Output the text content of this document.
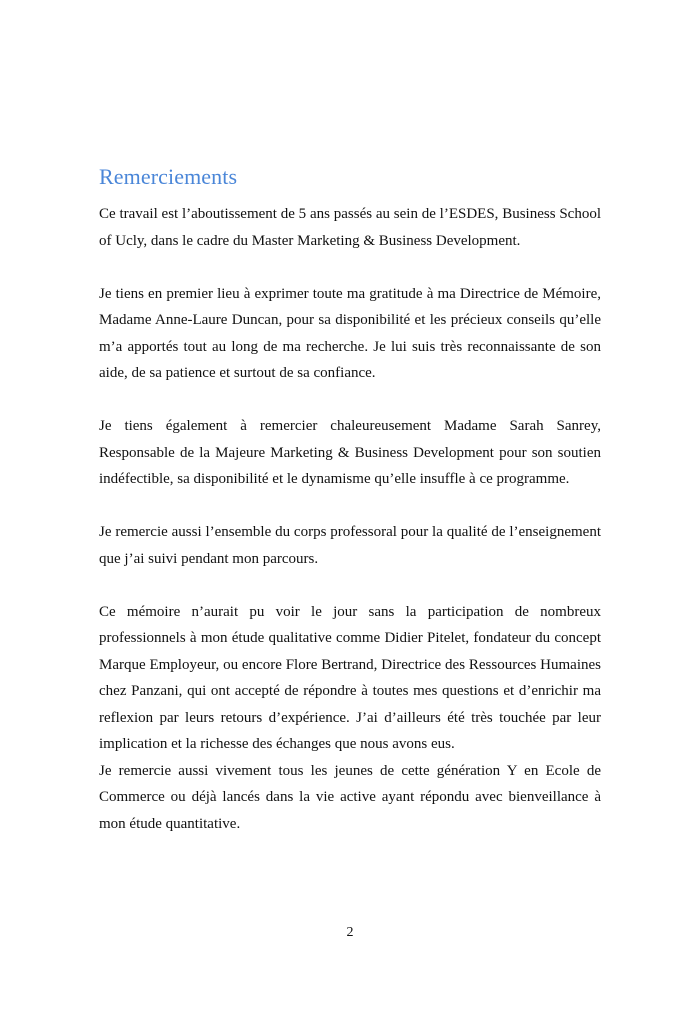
Remerciements

Ce travail est l’aboutissement de 5 ans passés au sein de l’ESDES, Business School of Ucly, dans le cadre du Master Marketing & Business Development.

Je tiens en premier lieu à exprimer toute ma gratitude à ma Directrice de Mémoire, Madame Anne-Laure Duncan, pour sa disponibilité et les précieux conseils qu’elle m’a apportés tout au long de ma recherche. Je lui suis très reconnaissante de son aide, de sa patience et surtout de sa confiance.

Je tiens également à remercier chaleureusement Madame Sarah Sanrey, Responsable de la Majeure Marketing & Business Development pour son soutien indéfectible, sa disponibilité et le dynamisme qu’elle insuffle à ce programme.

Je remercie aussi l’ensemble du corps professoral pour la qualité de l’enseignement que j’ai suivi pendant mon parcours.

Ce mémoire n’aurait pu voir le jour sans la participation de nombreux professionnels à mon étude qualitative comme Didier Pitelet, fondateur du concept Marque Employeur, ou encore Flore Bertrand, Directrice des Ressources Humaines chez Panzani, qui ont accepté de répondre à toutes mes questions et d’enrichir ma reflexion par leurs retours d’expérience. J’ai d’ailleurs été très touchée par leur implication et la richesse des échanges que nous avons eus.

Je remercie aussi vivement tous les jeunes de cette génération Y en Ecole de Commerce ou déjà lancés dans la vie active ayant répondu avec bienveillance à mon étude quantitative.

2
